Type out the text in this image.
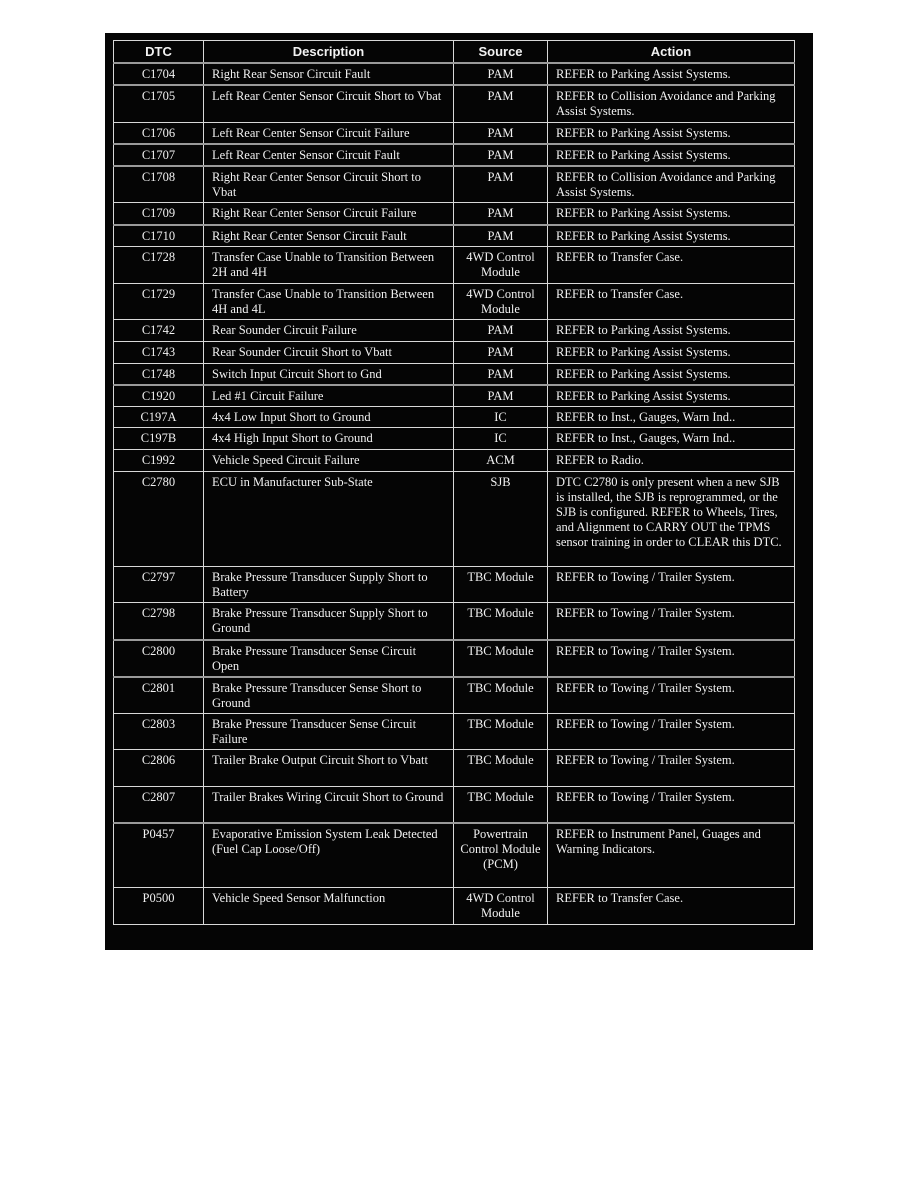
DTC	Description	Source	Action
C1704	Right Rear Sensor Circuit Fault	PAM	REFER to Parking Assist Systems.
C1705	Left Rear Center Sensor Circuit Short to Vbat	PAM	REFER to Collision Avoidance and Parking Assist Systems.
C1706	Left Rear Center Sensor Circuit Failure	PAM	REFER to Parking Assist Systems.
C1707	Left Rear Center Sensor Circuit Fault	PAM	REFER to Parking Assist Systems.
C1708	Right Rear Center Sensor Circuit Short to Vbat	PAM	REFER to Collision Avoidance and Parking Assist Systems.
C1709	Right Rear Center Sensor Circuit Failure	PAM	REFER to Parking Assist Systems.
C1710	Right Rear Center Sensor Circuit Fault	PAM	REFER to Parking Assist Systems.
C1728	Transfer Case Unable to Transition Between 2H and 4H	4WD Control Module	REFER to Transfer Case.
C1729	Transfer Case Unable to Transition Between 4H and 4L	4WD Control Module	REFER to Transfer Case.
C1742	Rear Sounder Circuit Failure	PAM	REFER to Parking Assist Systems.
C1743	Rear Sounder Circuit Short to Vbatt	PAM	REFER to Parking Assist Systems.
C1748	Switch Input Circuit Short to Gnd	PAM	REFER to Parking Assist Systems.
C1920	Led #1 Circuit Failure	PAM	REFER to Parking Assist Systems.
C197A	4x4 Low Input Short to Ground	IC	REFER to Inst., Gauges, Warn Ind..
C197B	4x4 High Input Short to Ground	IC	REFER to Inst., Gauges, Warn Ind..
C1992	Vehicle Speed Circuit Failure	ACM	REFER to Radio.
C2780	ECU in Manufacturer Sub-State	SJB	DTC C2780 is only present when a new SJB is installed, the SJB is reprogrammed, or the SJB is configured. REFER to Wheels, Tires, and Alignment to CARRY OUT the TPMS sensor training in order to CLEAR this DTC.
C2797	Brake Pressure Transducer Supply Short to Battery	TBC Module	REFER to Towing / Trailer System.
C2798	Brake Pressure Transducer Supply Short to Ground	TBC Module	REFER to Towing / Trailer System.
C2800	Brake Pressure Transducer Sense Circuit Open	TBC Module	REFER to Towing / Trailer System.
C2801	Brake Pressure Transducer Sense Short to Ground	TBC Module	REFER to Towing / Trailer System.
C2803	Brake Pressure Transducer Sense Circuit Failure	TBC Module	REFER to Towing / Trailer System.
C2806	Trailer Brake Output Circuit Short to Vbatt	TBC Module	REFER to Towing / Trailer System.
C2807	Trailer Brakes Wiring Circuit Short to Ground	TBC Module	REFER to Towing / Trailer System.
P0457	Evaporative Emission System Leak Detected (Fuel Cap Loose/Off)	Powertrain Control Module (PCM)	REFER to Instrument Panel, Guages and Warning Indicators.
P0500	Vehicle Speed Sensor Malfunction	4WD Control Module	REFER to Transfer Case.
